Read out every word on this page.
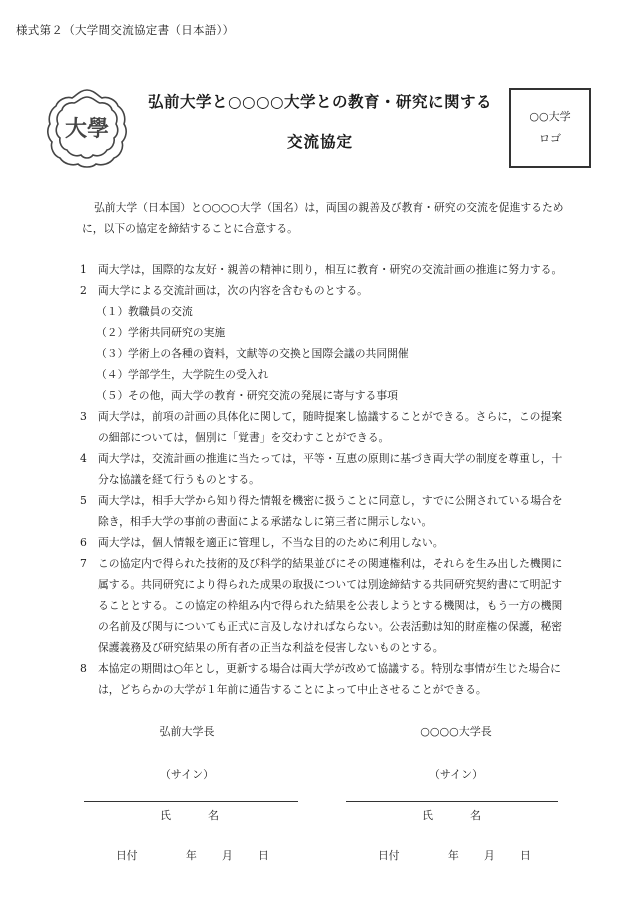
様式第２（大学間交流協定書（日本語））
大學
弘前大学と○○○○大学との教育・研究に関する
交流協定
○○大学
ロゴ
弘前大学（日本国）と○○○○大学（国名）は，両国の親善及び教育・研究の交流を促進するために，以下の協定を締結することに合意する。
1 両大学は，国際的な友好・親善の精神に則り，相互に教育・研究の交流計画の推進に努力する。
2 両大学による交流計画は，次の内容を含むものとする。
（１） 教職員の交流
（２） 学術共同研究の実施
（３） 学術上の各種の資料，文献等の交換と国際会議の共同開催
（４） 学部学生，大学院生の受入れ
（５） その他，両大学の教育・研究交流の発展に寄与する事項
3 両大学は，前項の計画の具体化に関して，随時提案し協議することができる。さらに，この提案の細部については，個別に「覚書」を交わすことができる。
4 両大学は，交流計画の推進に当たっては，平等・互恵の原則に基づき両大学の制度を尊重し，十分な協議を経て行うものとする。
5 両大学は，相手大学から知り得た情報を機密に扱うことに同意し，すでに公開されている場合を除き，相手大学の事前の書面による承諾なしに第三者に開示しない。
6 両大学は，個人情報を適正に管理し，不当な目的のために利用しない。
7 この協定内で得られた技術的及び科学的結果並びにその関連権利は，それらを生み出した機関に属する。共同研究により得られた成果の取扱については別途締結する共同研究契約書にて明記することとする。この協定の枠組み内で得られた結果を公表しようとする機関は，もう一方の機関の名前及び関与についても正式に言及しなければならない。公表活動は知的財産権の保護，秘密保護義務及び研究結果の所有者の正当な利益を侵害しないものとする。
8 本協定の期間は○年とし，更新する場合は両大学が改めて協議する。特別な事情が生じた場合には，どちらかの大学が１年前に通告することによって中止させることができる。
弘前大学長
（サイン）
氏	名
日付	年 月 日
○○○○大学長
（サイン）
氏	名
日付	年 月 日
